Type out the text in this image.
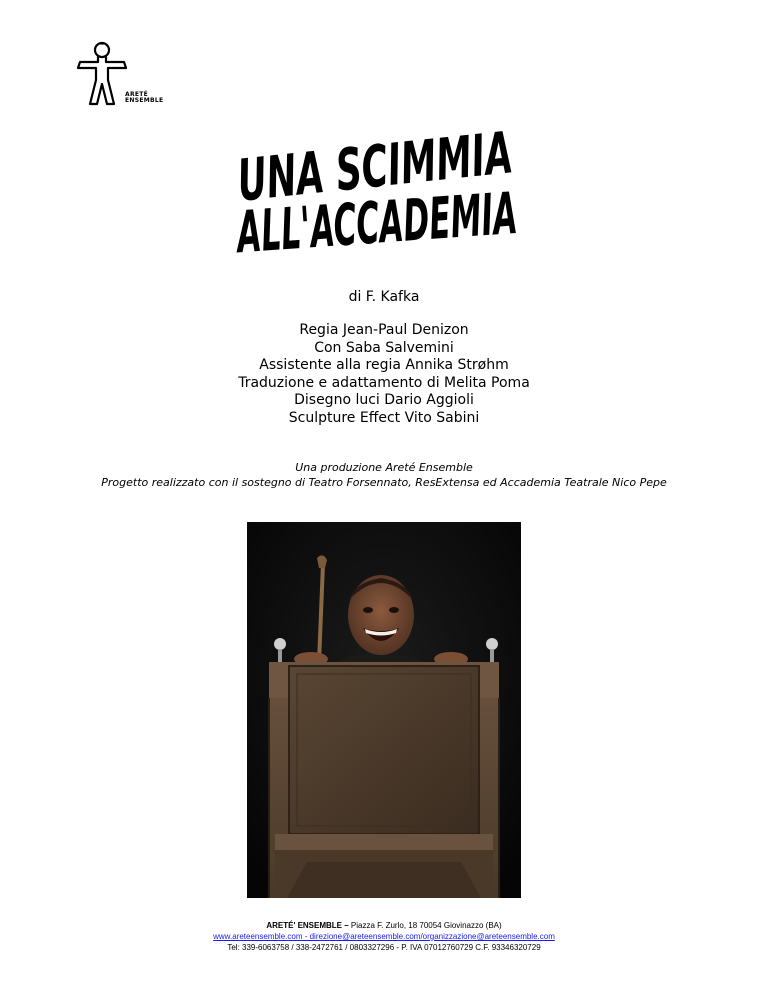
ARETÉ
ENSEMBLE
UNA SCIMMIA
ALL'ACCADEMIA
di F. Kafka
Regia Jean-Paul Denizon
Con Saba Salvemini
Assistente alla regia Annika Strøhm
Traduzione e adattamento di Melita Poma
Disegno luci Dario Aggioli
Sculpture Effect Vito Sabini
Una produzione Areté Ensemble
Progetto realizzato con il sostegno di Teatro Forsennato, ResExtensa ed Accademia Teatrale Nico Pepe
ARETÉ' ENSEMBLE – Piazza F. Zurlo, 18 70054 Giovinazzo (BA)
www.areteensemble.com - direzione@areteensemble.com/organizzazione@areteensemble.com
Tel: 339-6063758 / 338-2472761 / 0803327296 - P. IVA 07012760729 C.F. 93346320729
